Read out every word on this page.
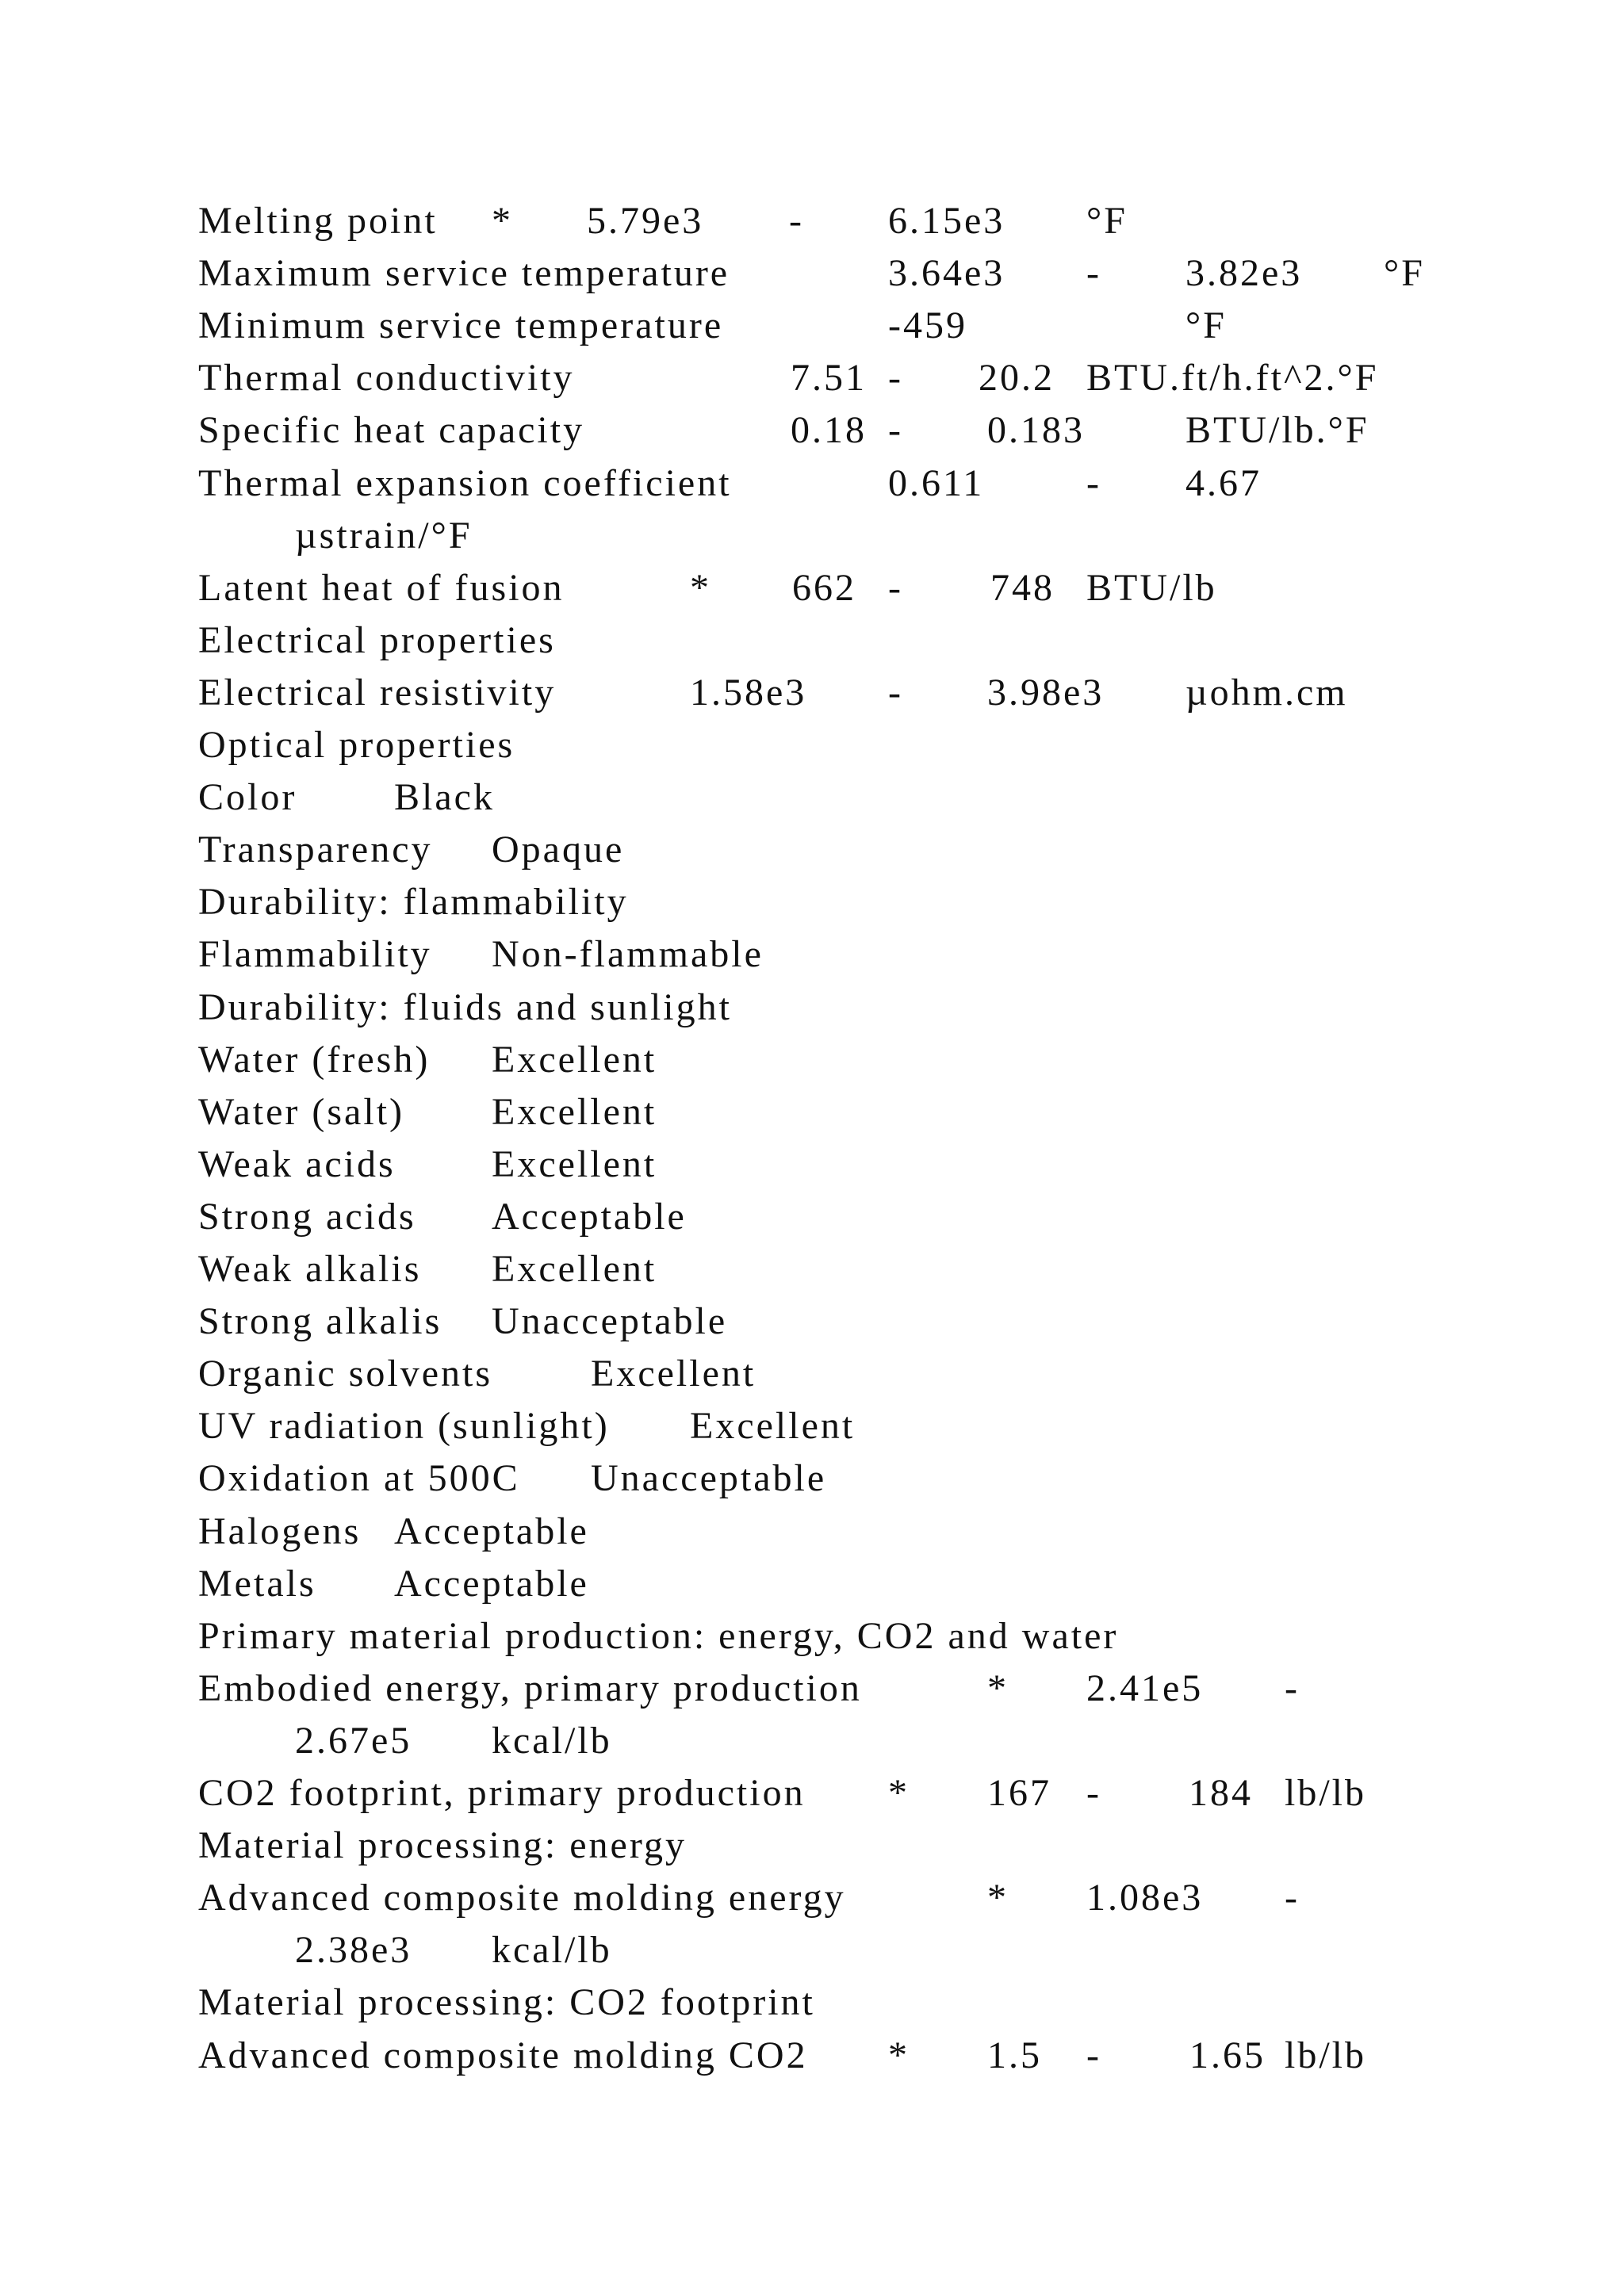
Melting point * 5.79e3 - 6.15e3 °F
Maximum service temperature	3.64e3 - 3.82e3 °F
Minimum service temperature	-459	°F
Thermal conductivity	7.51 - 20.2 BTU.ft/h.ft^2.°F
Specific heat capacity	0.18 - 0.183	BTU/lb.°F
Thermal expansion coefficient	0.611	- 4.67
µstrain/°F
Latent heat of fusion	* 662 - 748 BTU/lb
Electrical properties
Electrical resistivity	1.58e3 - 3.98e3 µohm.cm
Optical properties
Color	Black
Transparency Opaque
Durability: flammability
Flammability Non-flammable
Durability: fluids and sunlight
Water (fresh) Excellent
Water (salt) Excellent
Weak acids	Excellent
Strong acids Acceptable
Weak alkalis Excellent
Strong alkalis Unacceptable
Organic solvents	Excellent
UV radiation (sunlight) Excellent
Oxidation at 500C Unacceptable
Halogens Acceptable
Metals Acceptable
Primary material production: energy, CO2 and water
Embodied energy, primary production	* 2.41e5 -
2.67e5 kcal/lb
CO2 footprint, primary production * 167 - 184 lb/lb
Material processing: energy
Advanced composite molding energy	* 1.08e3 -
2.38e3 kcal/lb
Material processing: CO2 footprint
Advanced composite molding CO2 * 1.5 - 1.65 lb/lb
